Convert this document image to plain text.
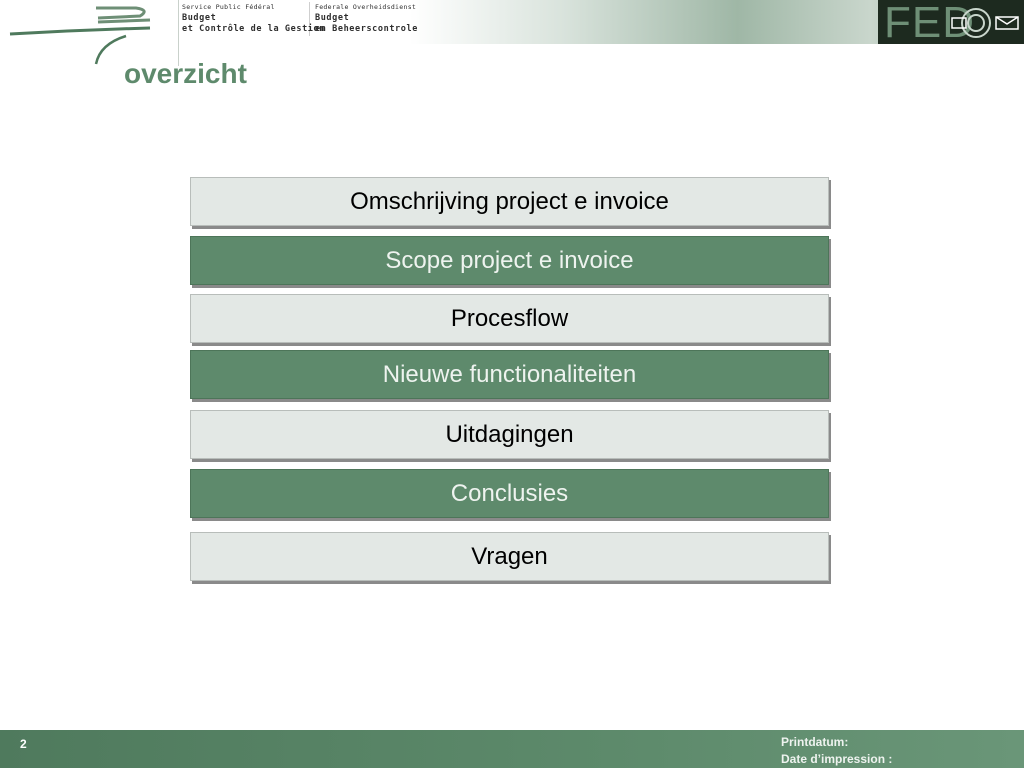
Service Public Fédéral
Budget
et Contrôle de la Gestion
Federale Overheidsdienst
Budget
en Beheerscontrole	FED
overzicht
Omschrijving project e invoice
Scope project e invoice
Procesflow
Nieuwe functionaliteiten
Uitdagingen
Conclusies
Vragen
2	Printdatum:
Date d’impression :
